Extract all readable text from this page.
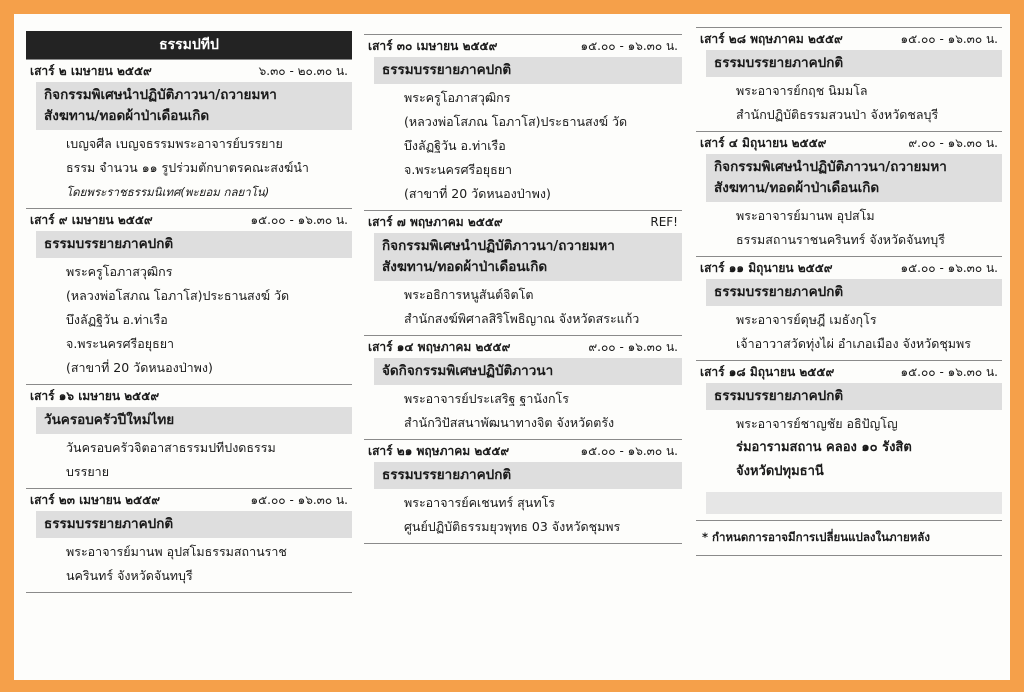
ธรรมปทีป
เสาร์ ๒ เมษายน ๒๕๕๙	๖.๓๐ - ๒๐.๓๐ น.
กิจกรรมพิเศษนำปฏิบัติภาวนา/ถวายมหา
สังฆทาน/ทอดผ้าป่าเดือนเกิด
เบญจศีล เบญจธรรมพระอาจารย์บรรยาย
ธรรม จำนวน ๑๑ รูปร่วมตักบาตรคณะสงฆ์นำ
โดยพระราชธรรมนิเทศ(พะยอม กลยาโน)
เสาร์ ๙ เมษายน ๒๕๕๙	๑๕.๐๐ - ๑๖.๓๐ น.
ธรรมบรรยายภาคปกติ
พระครูโอภาสวุฒิกร
(หลวงพ่อโสภณ โอภาโส)ประธานสงฆ์ วัด
บึงลัฏฐิวัน อ.ท่าเรือ
จ.พระนครศรีอยุธยา
(สาขาที่ 20 วัดหนองป่าพง)
เสาร์ ๑๖ เมษายน ๒๕๕๙
วันครอบครัวปีใหม่ไทย
วันครอบครัวจิตอาสาธรรมปทีปงดธรรม
บรรยาย
เสาร์ ๒๓ เมษายน ๒๕๕๙	๑๕.๐๐ - ๑๖.๓๐ น.
ธรรมบรรยายภาคปกติ
พระอาจารย์มานพ อุปสโมธรรมสถานราช
นครินทร์ จังหวัดจันทบุรี
เสาร์ ๓๐ เมษายน ๒๕๕๙	๑๕.๐๐ - ๑๖.๓๐ น.
ธรรมบรรยายภาคปกติ
พระครูโอภาสวุฒิกร
(หลวงพ่อโสภณ โอภาโส)ประธานสงฆ์ วัด
บึงลัฏฐิวัน อ.ท่าเรือ
จ.พระนครศรีอยุธยา
(สาขาที่ 20 วัดหนองป่าพง)
เสาร์ ๗ พฤษภาคม ๒๕๕๙	REF!
กิจกรรมพิเศษนำปฏิบัติภาวนา/ถวายมหา
สังฆทาน/ทอดผ้าป่าเดือนเกิด
พระอธิการหนูสันต์จิตโต
สำนักสงฆ์พิศาลสิริโพธิญาณ จังหวัดสระแก้ว
เสาร์ ๑๔ พฤษภาคม ๒๕๕๙	๙.๐๐ - ๑๖.๓๐ น.
จัดกิจกรรมพิเศษปฏิบัติภาวนา
พระอาจารย์ประเสริฐ ฐานังกโร
สำนักวิปัสสนาพัฒนาทางจิต จังหวัดตรัง
เสาร์ ๒๑ พฤษภาคม ๒๕๕๙	๑๕.๐๐ - ๑๖.๓๐ น.
ธรรมบรรยายภาคปกติ
พระอาจารย์คเชนทร์ สุนทโร
ศูนย์ปฏิบัติธรรมยุวพุทธ 03 จังหวัดชุมพร
เสาร์ ๒๘ พฤษภาคม ๒๕๕๙	๑๕.๐๐ - ๑๖.๓๐ น.
ธรรมบรรยายภาคปกติ
พระอาจารย์กฤช นิมมโล
สำนักปฏิบัติธรรมสวนป่า จังหวัดชลบุรี
เสาร์ ๔ มิถุนายน ๒๕๕๙	๙.๐๐ - ๑๖.๓๐ น.
กิจกรรมพิเศษนำปฏิบัติภาวนา/ถวายมหา
สังฆทาน/ทอดผ้าป่าเดือนเกิด
พระอาจารย์มานพ อุปสโม
ธรรมสถานราชนครินทร์ จังหวัดจันทบุรี
เสาร์ ๑๑ มิถุนายน ๒๕๕๙	๑๕.๐๐ - ๑๖.๓๐ น.
ธรรมบรรยายภาคปกติ
พระอาจารย์ดุษฎี เมธังกุโร
เจ้าอาวาสวัดทุ่งไผ่ อำเภอเมือง จังหวัดชุมพร
เสาร์ ๑๘ มิถุนายน ๒๕๕๙	๑๕.๐๐ - ๑๖.๓๐ น.
ธรรมบรรยายภาคปกติ
พระอาจารย์ชาญชัย อธิปัญโญ
ร่มอารามสถาน คลอง ๑๐ รังสิต
จังหวัดปทุมธานี
* กำหนดการอาจมีการเปลี่ยนแปลงในภายหลัง
